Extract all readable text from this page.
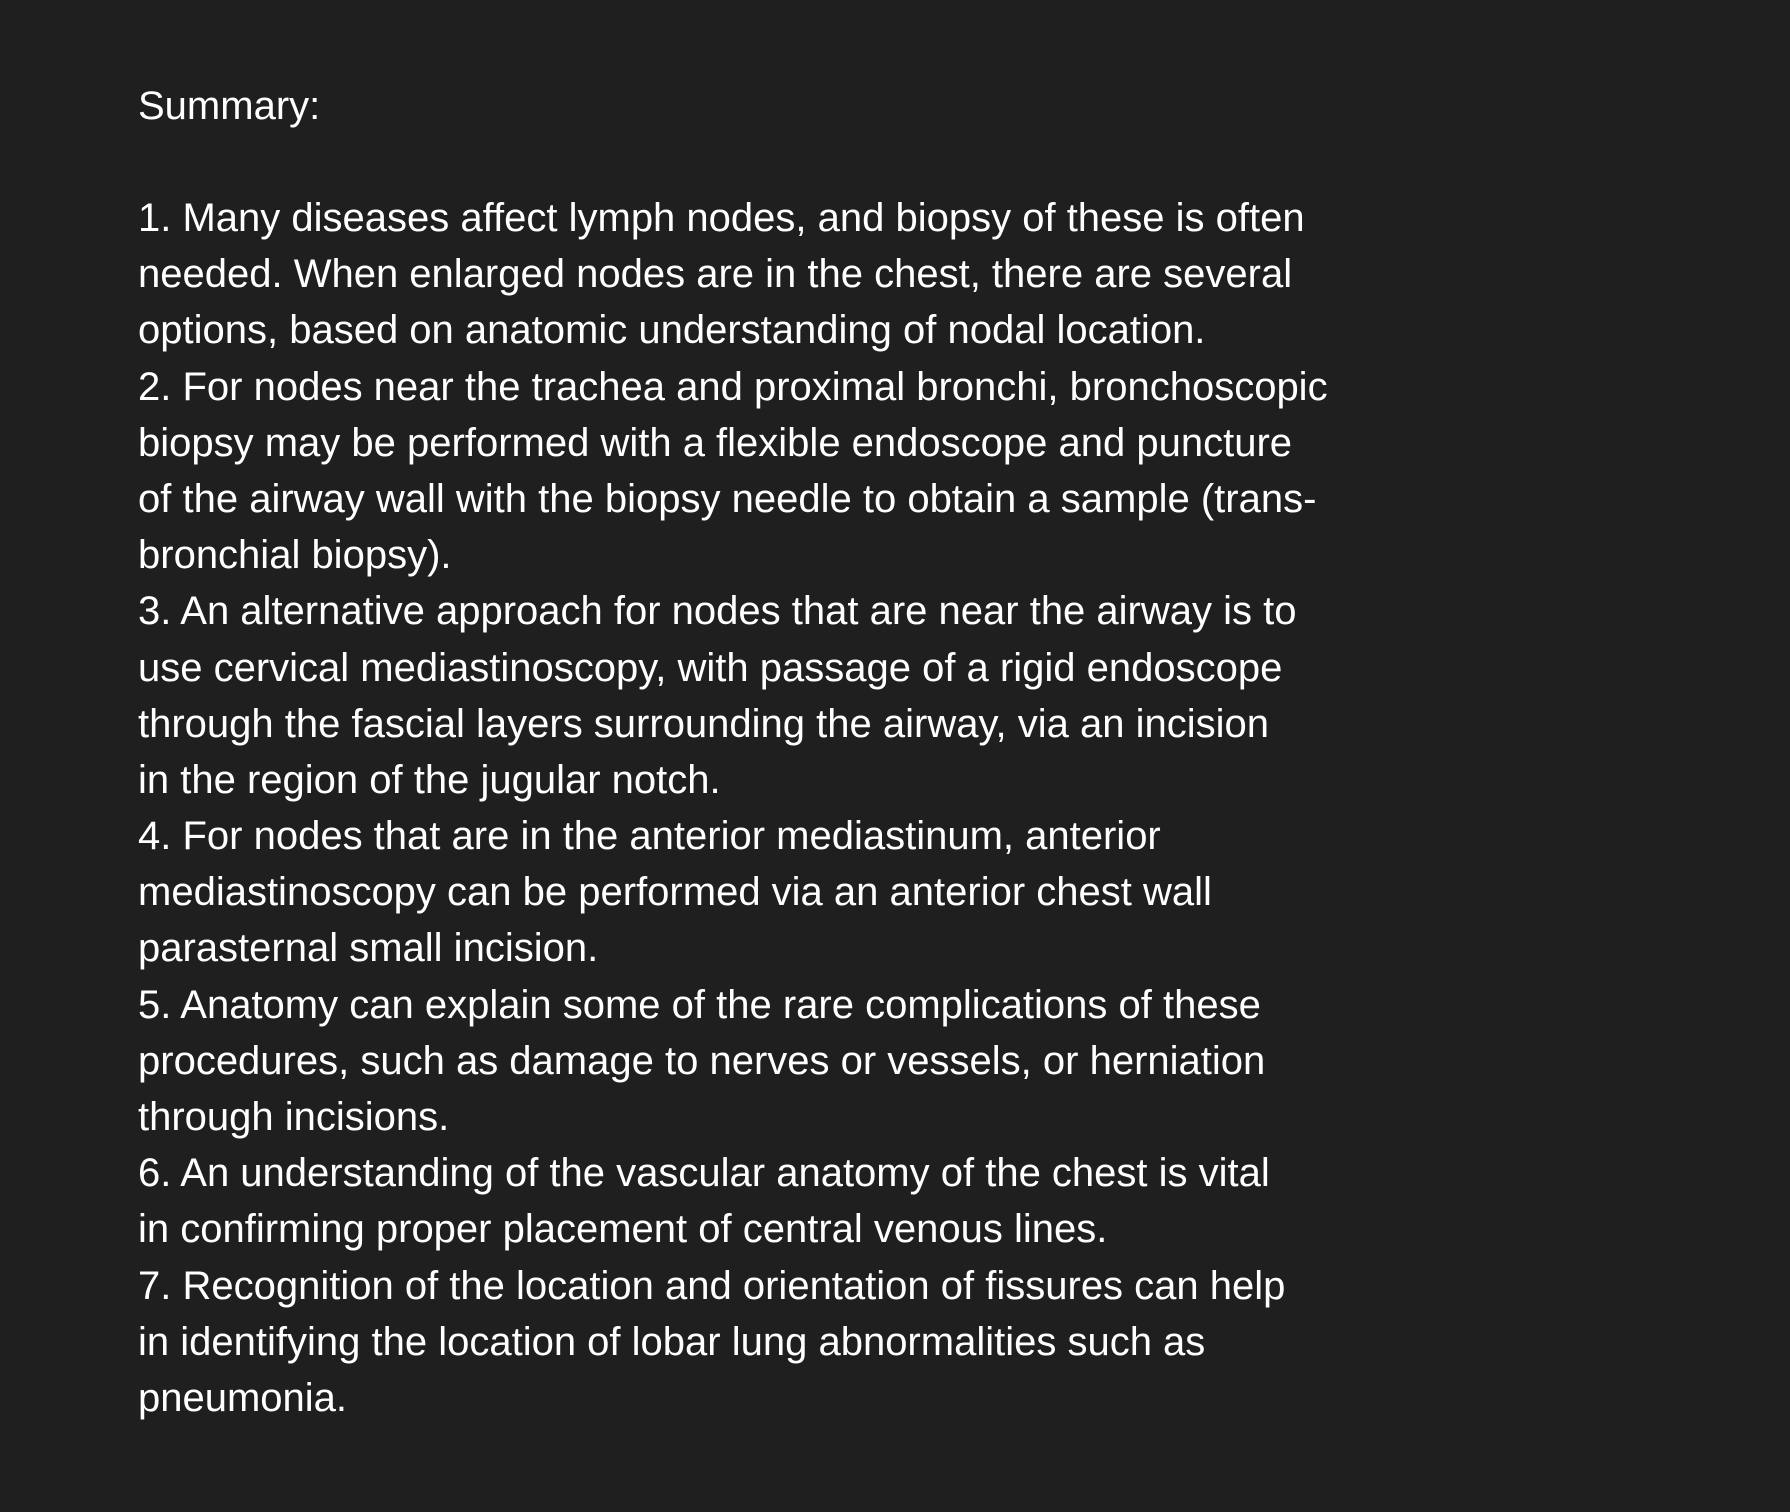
Summary:
1. Many diseases affect lymph nodes, and biopsy of these is often
needed. When enlarged nodes are in the chest, there are several
options, based on anatomic understanding of nodal location.
2. For nodes near the trachea and proximal bronchi, bronchoscopic
biopsy may be performed with a flexible endoscope and puncture
of the airway wall with the biopsy needle to obtain a sample (trans-
bronchial biopsy).
3. An alternative approach for nodes that are near the airway is to
use cervical mediastinoscopy, with passage of a rigid endoscope
through the fascial layers surrounding the airway, via an incision
in the region of the jugular notch.
4. For nodes that are in the anterior mediastinum, anterior
mediastinoscopy can be performed via an anterior chest wall
parasternal small incision.
5. Anatomy can explain some of the rare complications of these
procedures, such as damage to nerves or vessels, or herniation
through incisions.
6. An understanding of the vascular anatomy of the chest is vital
in confirming proper placement of central venous lines.
7. Recognition of the location and orientation of fissures can help
in identifying the location of lobar lung abnormalities such as
pneumonia.
